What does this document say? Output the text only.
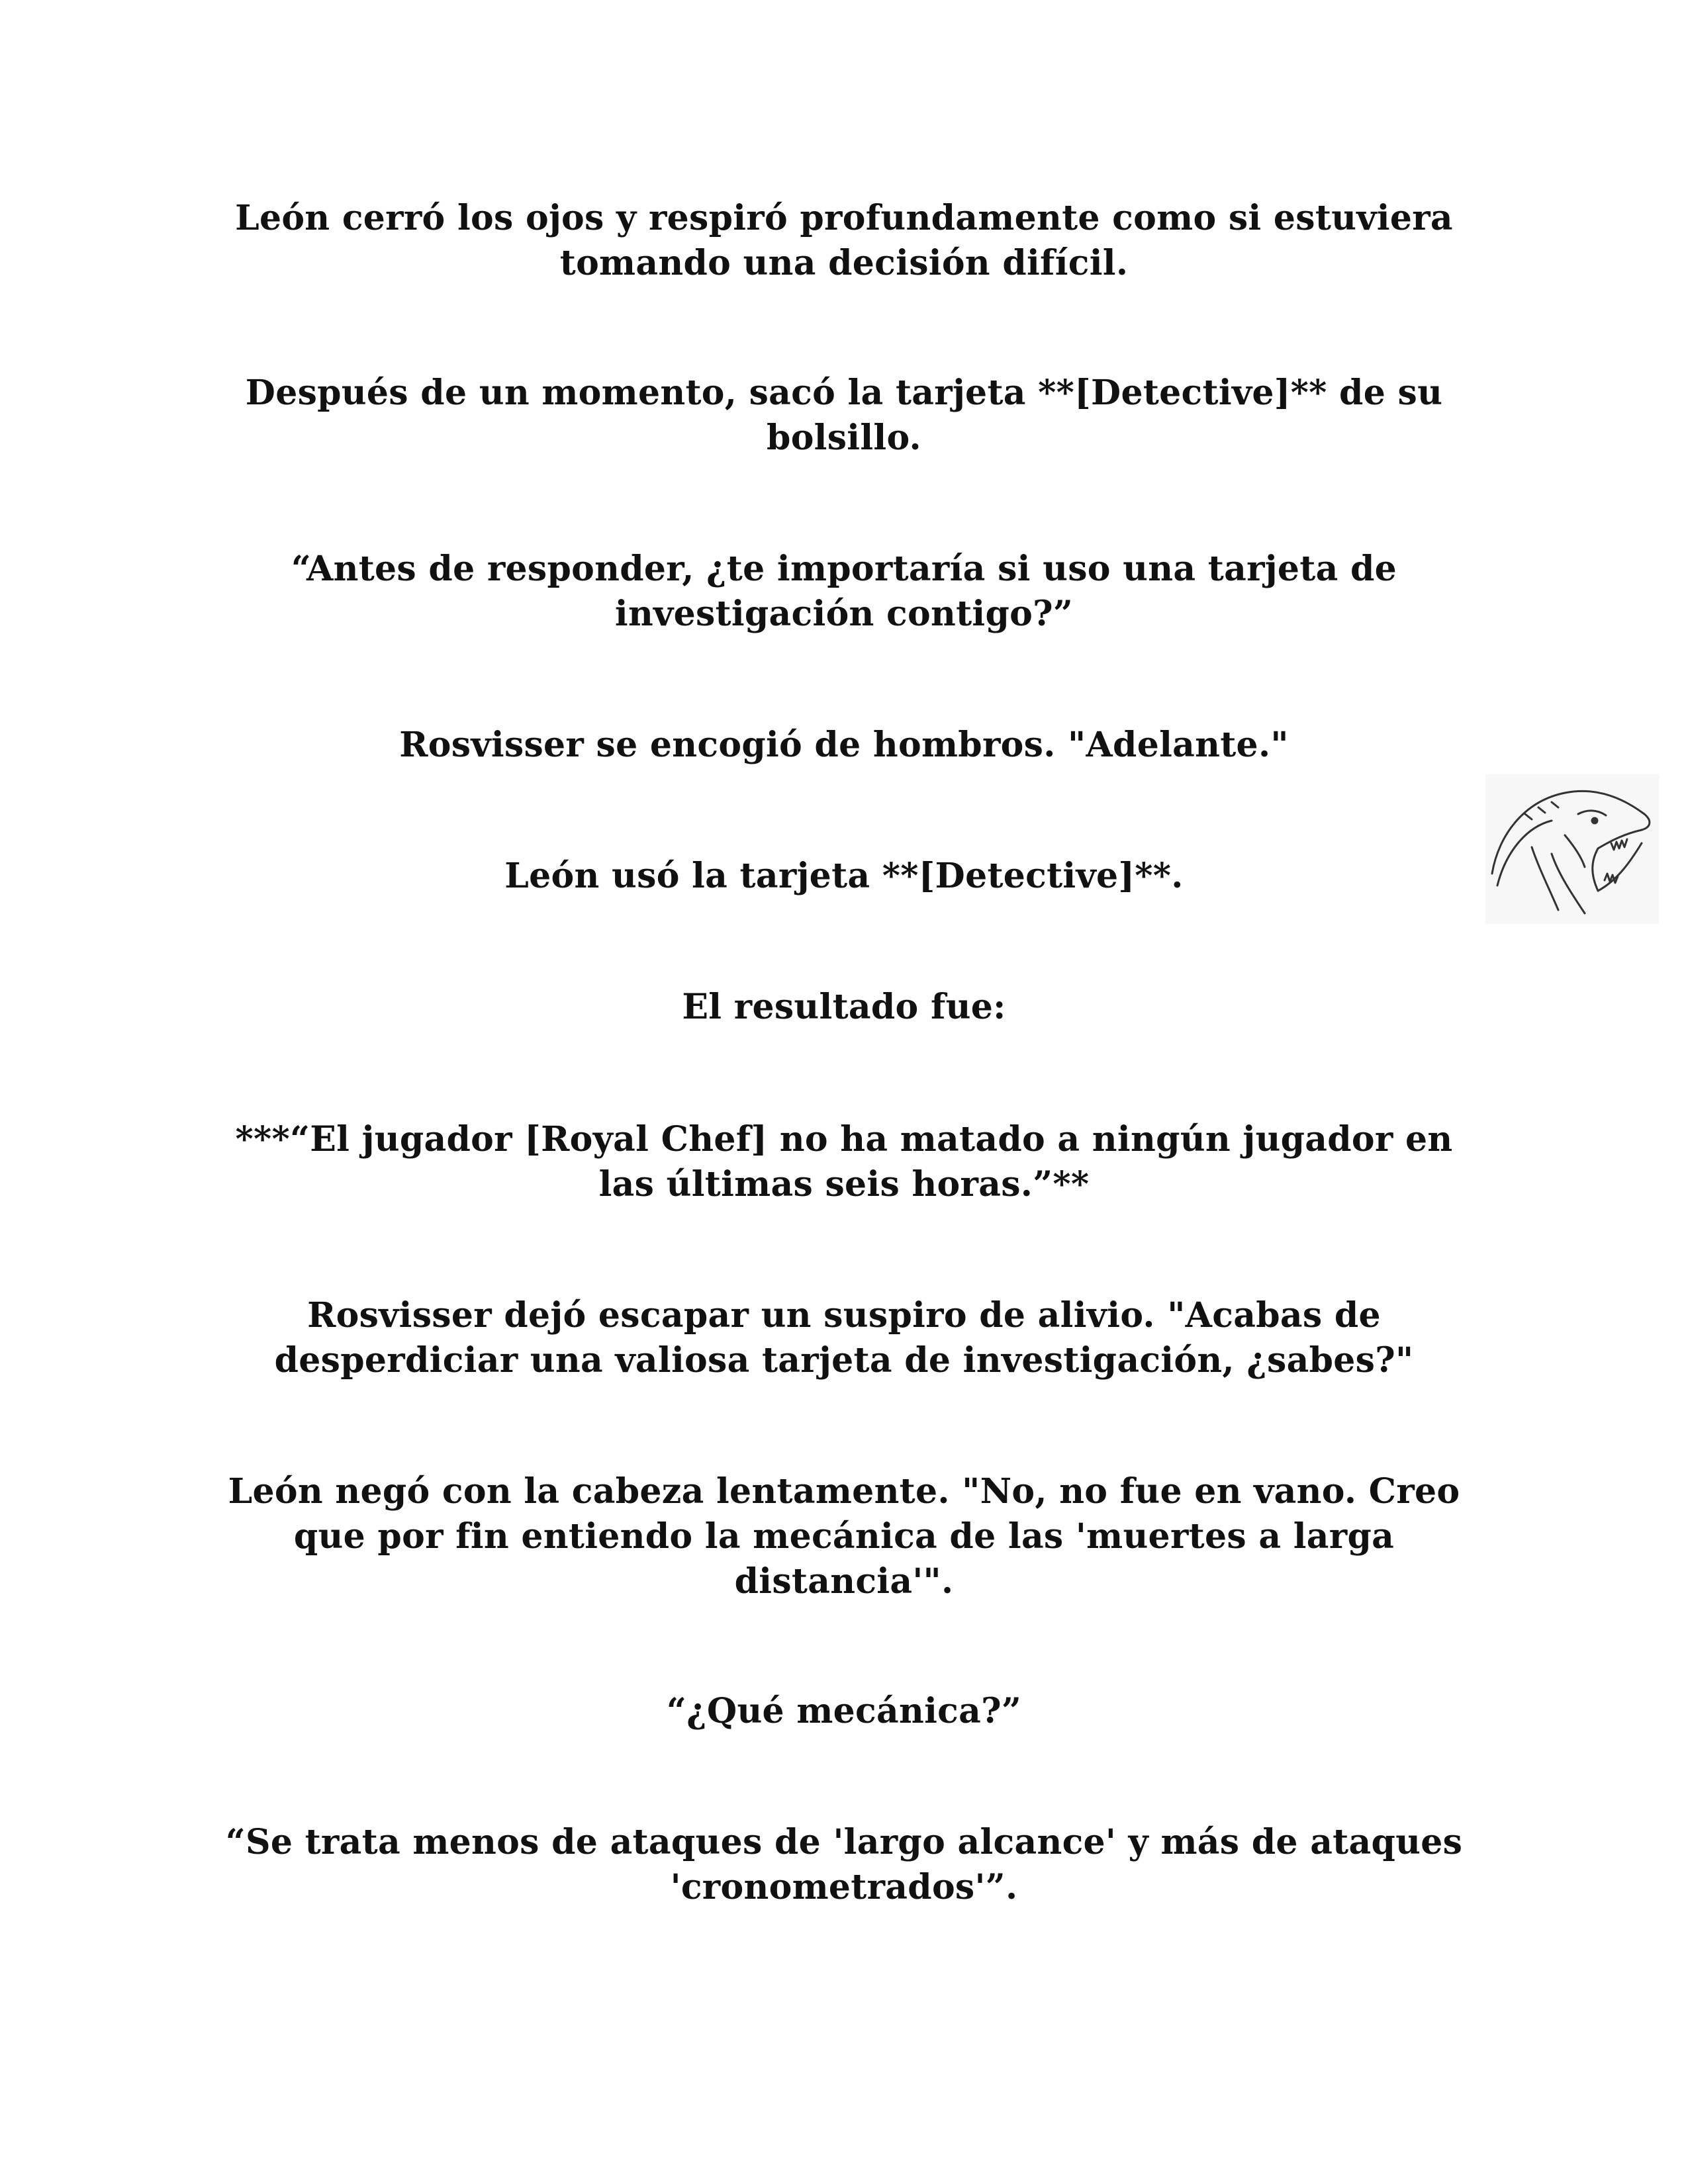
León cerró los ojos y respiró profundamente como si estuviera tomando una decisión difícil.

Después de un momento, sacó la tarjeta **[Detective]** de su bolsillo.

“Antes de responder, ¿te importaría si uso una tarjeta de investigación contigo?”

Rosvisser se encogió de hombros. "Adelante."

León usó la tarjeta **[Detective]**.

El resultado fue:

***“El jugador [Royal Chef] no ha matado a ningún jugador en las últimas seis horas.”**

Rosvisser dejó escapar un suspiro de alivio. "Acabas de desperdiciar una valiosa tarjeta de investigación, ¿sabes?"

León negó con la cabeza lentamente. "No, no fue en vano. Creo que por fin entiendo la mecánica de las 'muertes a larga distancia'".

“¿Qué mecánica?”

“Se trata menos de ataques de 'largo alcance' y más de ataques 'cronometrados'”.
